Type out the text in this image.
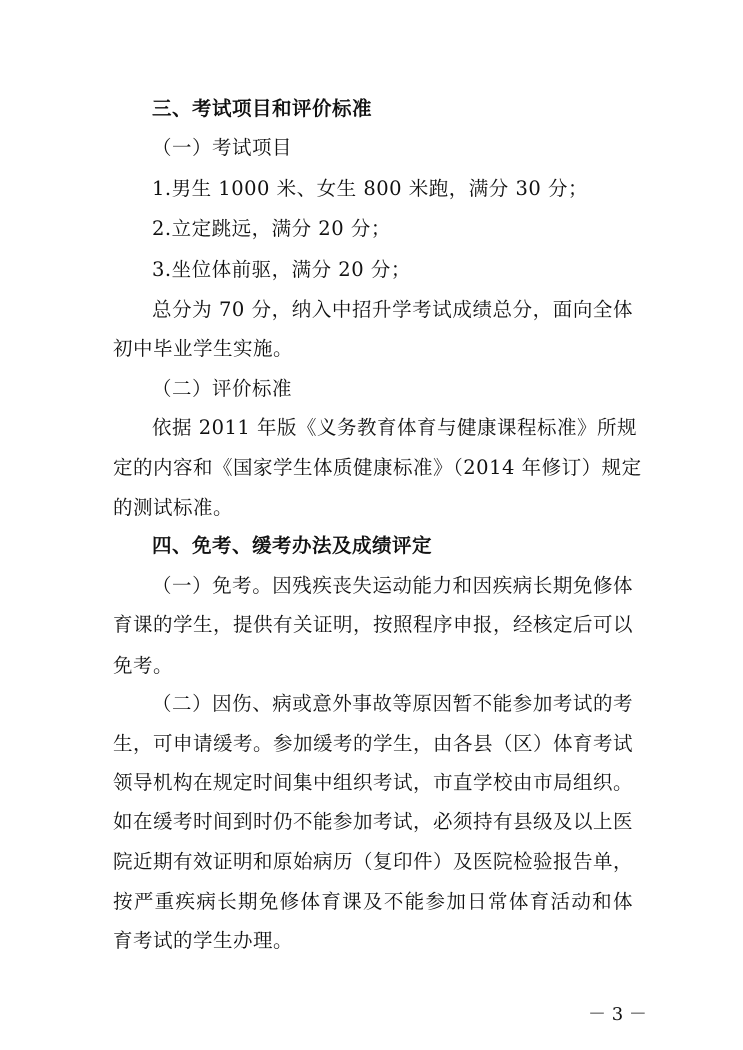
三、考试项目和评价标准
（一）考试项目
1.男生 1000 米、女生 800 米跑，满分 30 分；
2.立定跳远，满分 20 分；
3.坐位体前驱，满分 20 分；
总分为 70 分，纳入中招升学考试成绩总分，面向全体
初中毕业学生实施。
（二）评价标准
依据 2011 年版《义务教育体育与健康课程标准》所规
定的内容和《国家学生体质健康标准》（2014 年修订）规定
的测试标准。
四、免考、缓考办法及成绩评定
（一）免考。因残疾丧失运动能力和因疾病长期免修体
育课的学生，提供有关证明，按照程序申报，经核定后可以
免考。
（二）因伤、病或意外事故等原因暂不能参加考试的考
生，可申请缓考。参加缓考的学生，由各县（区）体育考试
领导机构在规定时间集中组织考试，市直学校由市局组织。
如在缓考时间到时仍不能参加考试，必须持有县级及以上医
院近期有效证明和原始病历（复印件）及医院检验报告单，
按严重疾病长期免修体育课及不能参加日常体育活动和体
育考试的学生办理。
－ 3 －
